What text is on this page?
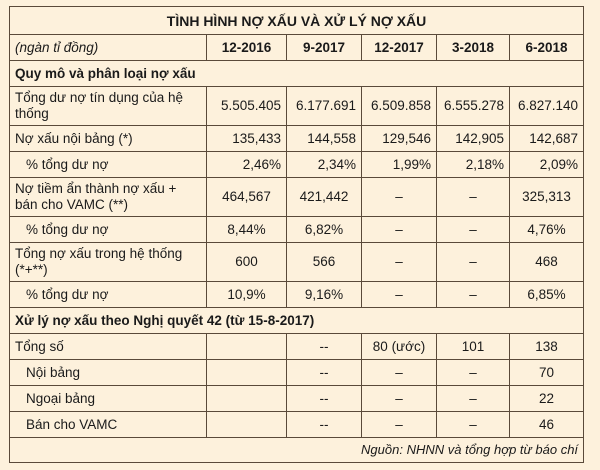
TÌNH HÌNH NỢ XẤU VÀ XỬ LÝ NỢ XẤU					
(ngàn tỉ đồng)	12-2016	9-2017	12-2017	3-2018	6-2018
Quy mô và phân loại nợ xấu					
Tổng dư nợ tín dụng của hệ thống	5.505.405	6.177.691	6.509.858	6.555.278	6.827.140
Nợ xấu nội bảng (*)	135,433	144,558	129,546	142,905	142,687
% tổng dư nợ	2,46%	2,34%	1,99%	2,18%	2,09%
Nợ tiềm ẩn thành nợ xấu + bán cho VAMC (**)	464,567	421,442	–	–	325,313
% tổng dư nợ	8,44%	6,82%	–	–	4,76%
Tổng nợ xấu trong hệ thống (*+**)	600	566	–	–	468
% tổng dư nợ	10,9%	9,16%	–	–	6,85%
Xử lý nợ xấu theo Nghị quyết 42 (từ 15-8-2017)					
Tổng số		--	80 (ước)	101	138
Nội bảng		--	–	–	70
Ngoại bảng		--	–	–	22
Bán cho VAMC		--	–	–	46
Nguồn: NHNN và tổng hợp từ báo chí					
